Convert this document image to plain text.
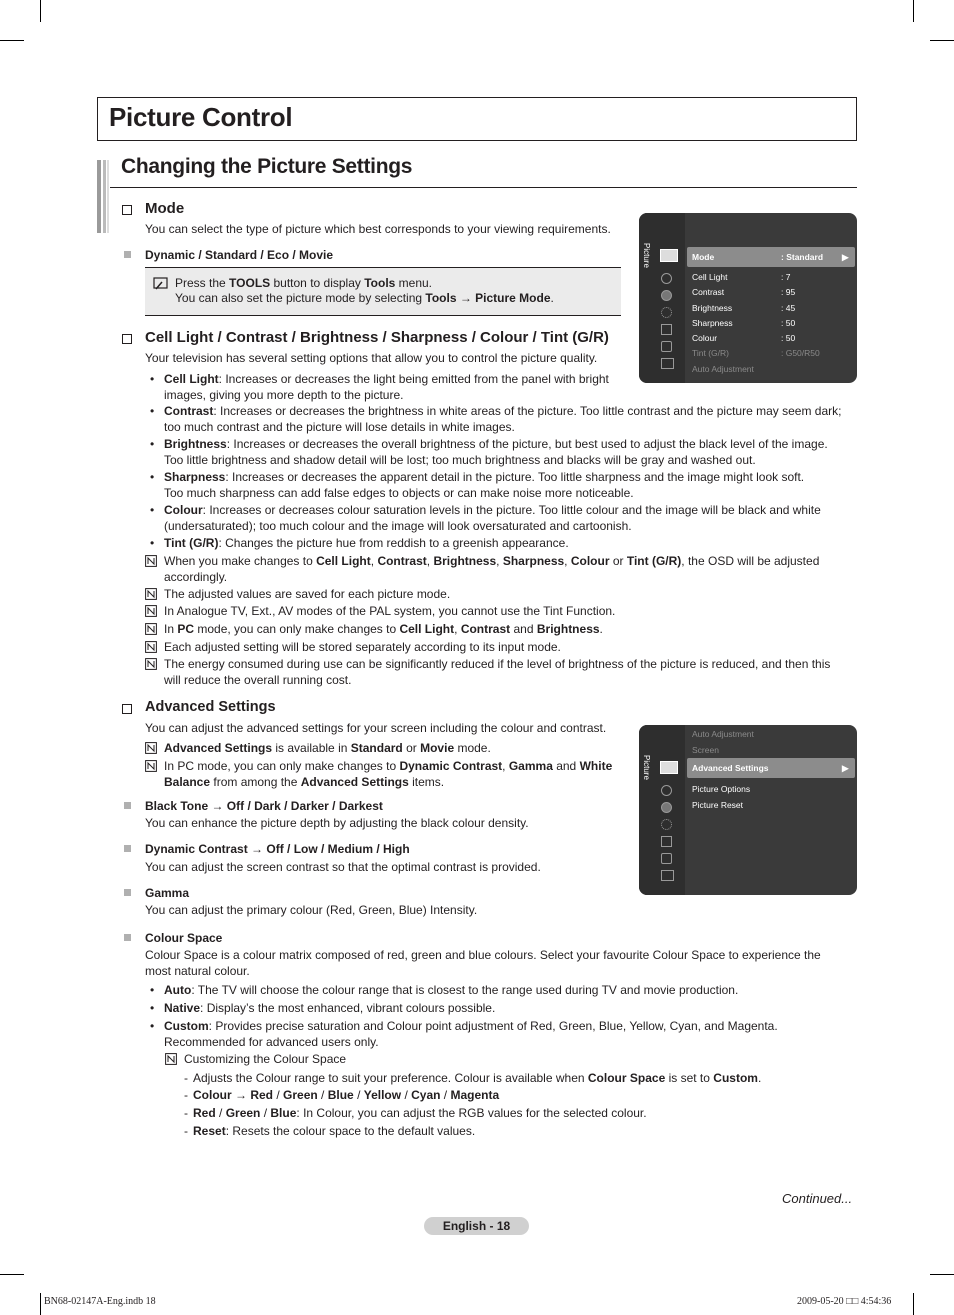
Picture Control
Changing the Picture Settings
Mode
You can select the type of picture which best corresponds to your viewing requirements.
Dynamic / Standard / Eco / Movie
Press the TOOLS button to display Tools menu.
You can also set the picture mode by selecting Tools → Picture Mode.
Picture	Mode	: Standard ▶
Cell Light	: 7
Contrast	: 95
Brightness	: 45
Sharpness	: 50
Colour	: 50
Tint (G/R)	: G50/R50
Auto Adjustment
Cell Light / Contrast / Brightness / Sharpness / Colour / Tint (G/R)
Your television has several setting options that allow you to control the picture quality.
• Cell Light: Increases or decreases the light being emitted from the panel with bright
images, giving you more depth to the picture.
• Contrast: Increases or decreases the brightness in white areas of the picture. Too little contrast and the picture may seem dark;
too much contrast and the picture will lose details in white images.
• Brightness: Increases or decreases the overall brightness of the picture, but best used to adjust the black level of the image.
Too little brightness and shadow detail will be lost; too much brightness and blacks will be gray and washed out.
• Sharpness: Increases or decreases the apparent detail in the picture. Too little sharpness and the image might look soft.
Too much sharpness can add false edges to objects or can make noise more noticeable.
• Colour: Increases or decreases colour saturation levels in the picture. Too little colour and the image will be black and white
(undersaturated); too much colour and the image will look oversaturated and cartoonish.
• Tint (G/R): Changes the picture hue from reddish to a greenish appearance.
When you make changes to Cell Light, Contrast, Brightness, Sharpness, Colour or Tint (G/R), the OSD will be adjusted
accordingly.
The adjusted values are saved for each picture mode.
In Analogue TV, Ext., AV modes of the PAL system, you cannot use the Tint Function.
In PC mode, you can only make changes to Cell Light, Contrast and Brightness.
Each adjusted setting will be stored separately according to its input mode.
The energy consumed during use can be significantly reduced if the level of brightness of the picture is reduced, and then this
will reduce the overall running cost.
Advanced Settings
You can adjust the advanced settings for your screen including the colour and contrast.
Advanced Settings is available in Standard or Movie mode.
In PC mode, you can only make changes to Dynamic Contrast, Gamma and White
Balance from among the Advanced Settings items.
Black Tone → Off / Dark / Darker / Darkest
You can enhance the picture depth by adjusting the black colour density.
Dynamic Contrast → Off / Low / Medium / High
You can adjust the screen contrast so that the optimal contrast is provided.
Gamma
You can adjust the primary colour (Red, Green, Blue) Intensity.
Picture
Auto Adjustment
Screen
Advanced Settings	▶
Picture Options
Picture Reset
Colour Space
Colour Space is a colour matrix composed of red, green and blue colours. Select your favourite Colour Space to experience the
most natural colour.
• Auto: The TV will choose the colour range that is closest to the range used during TV and movie production.
• Native: Display’s the most enhanced, vibrant colours possible.
• Custom: Provides precise saturation and Colour point adjustment of Red, Green, Blue, Yellow, Cyan, and Magenta.
Recommended for advanced users only.
Customizing the Colour Space
- Adjusts the Colour range to suit your preference. Colour is available when Colour Space is set to Custom.
- Colour → Red / Green / Blue / Yellow / Cyan / Magenta
- Red / Green / Blue: In Colour, you can adjust the RGB values for the selected colour.
- Reset: Resets the colour space to the default values.
Continued...
English - 18
BN68-02147A-Eng.indb 18	2009-05-20 □□ 4:54:36
